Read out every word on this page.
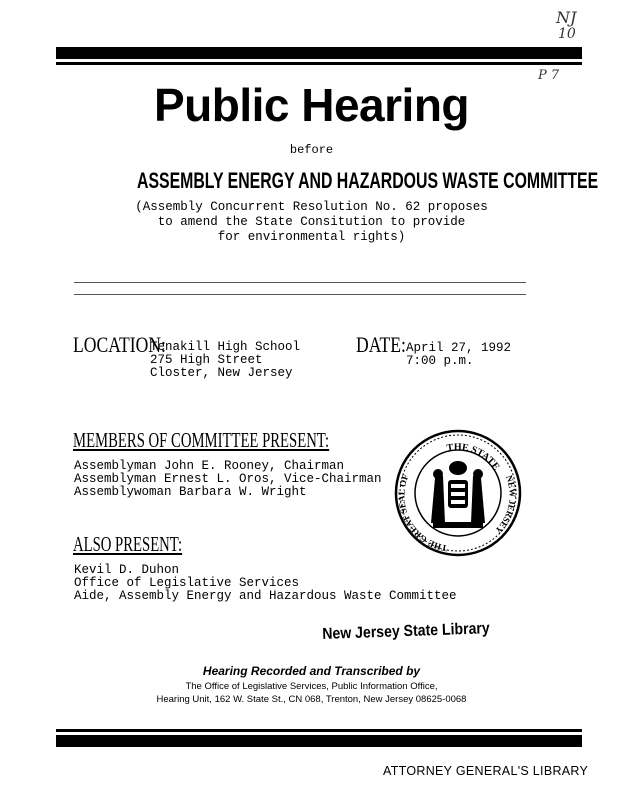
NJ
10
P 7
Public Hearing
before
ASSEMBLY ENERGY AND HAZARDOUS WASTE COMMITTEE
(Assembly Concurrent Resolution No. 62 proposes
to amend the State Consitution to provide
for environmental rights)
LOCATION:
Tenakill High School
275 High Street
Closter, New Jersey
DATE: April 27, 1992
7:00 p.m.
MEMBERS OF COMMITTEE PRESENT:
Assemblyman John E. Rooney, Chairman
Assemblyman Ernest L. Oros, Vice-Chairman
Assemblywoman Barbara W. Wright
THE STATE
THE GREAT SEAL OF	NEW JERSEY
ALSO PRESENT:
Kevil D. Duhon
Office of Legislative Services
Aide, Assembly Energy and Hazardous Waste Committee
New Jersey State Library
Hearing Recorded and Transcribed by
The Office of Legislative Services, Public Information Office,
Hearing Unit, 162 W. State St., CN 068, Trenton, New Jersey 08625-0068
ATTORNEY GENERAL'S LIBRARY
